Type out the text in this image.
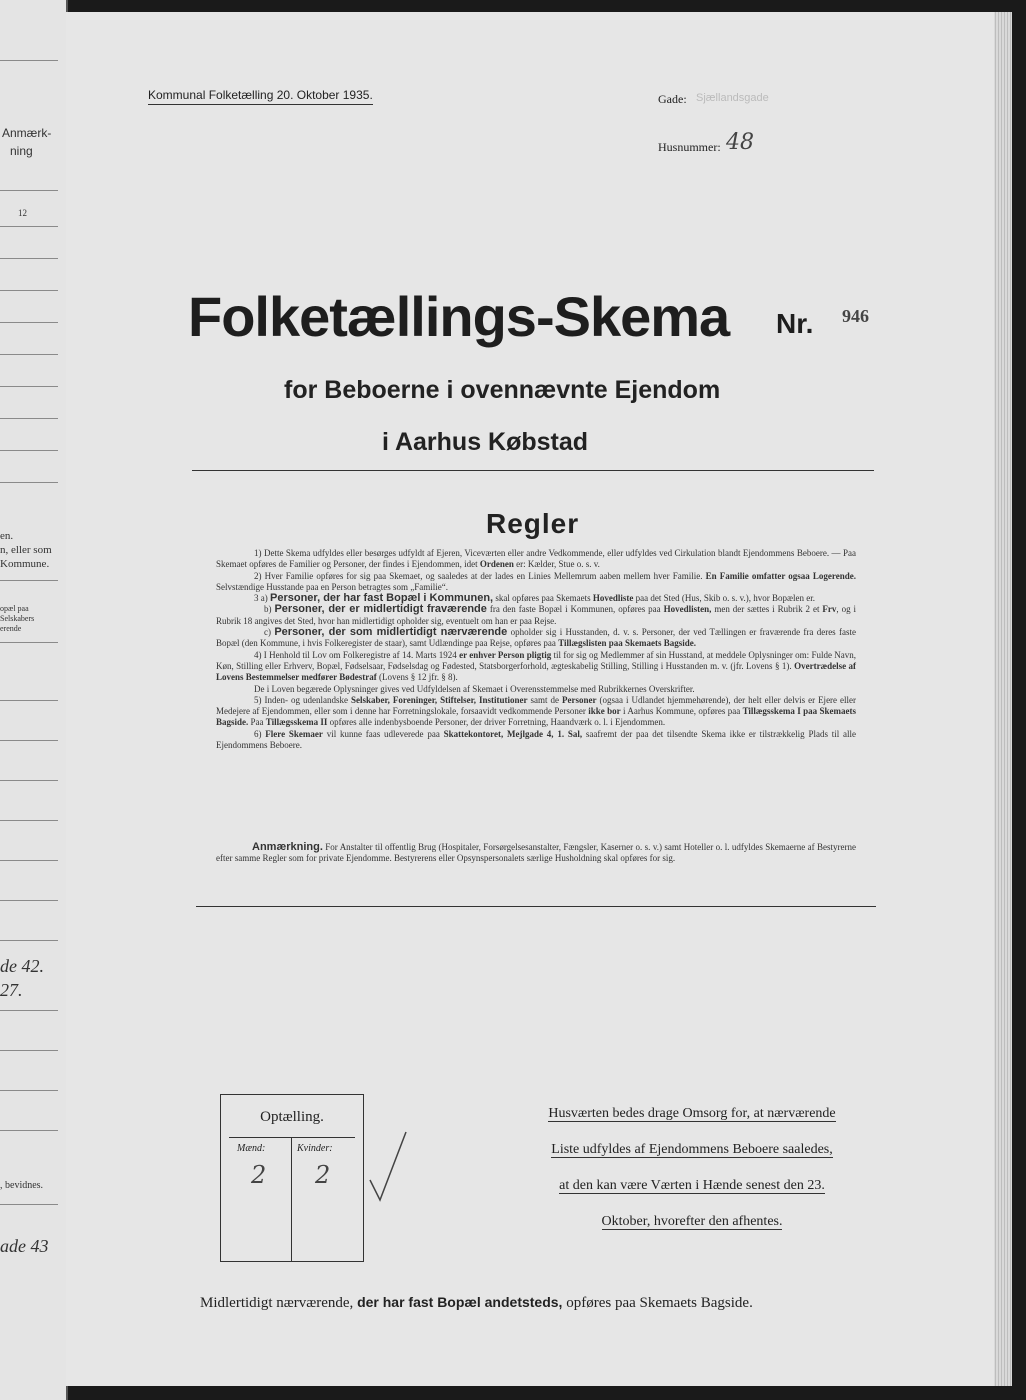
Anmærk-
ning
12
en.
n, eller som
Kommune.
opæl paa
Selskabers
erende
de 42.
27.
, bevidnes.
ade 43
Kommunal Folketælling 20. Oktober 1935.	Gade: Sjællandsgade
Husnummer: 48
Folketællings-Skema Nr. 946
for Beboerne i ovennævnte Ejendom
i Aarhus Købstad
Regler
1) Dette Skema udfyldes eller besørges udfyldt af Ejeren, Viceværten eller andre Vedkommende, eller udfyldes ved Cirkulation blandt Ejendommens Beboere. — Paa Skemaet opføres de Familier og Personer, der findes i Ejendommen, idet Ordenen er: Kælder, Stue o. s. v.
2) Hver Familie opføres for sig paa Skemaet, og saaledes at der lades en Linies Mellemrum aaben mellem hver Familie. En Familie omfatter ogsaa Logerende. Selvstændige Husstande paa en Person betragtes som „Familie“.
3 a) Personer, der har fast Bopæl i Kommunen, skal opføres paa Skemaets Hovedliste paa det Sted (Hus, Skib o. s. v.), hvor Bopælen er.
b) Personer, der er midlertidigt fraværende fra den faste Bopæl i Kommunen, opføres paa Hovedlisten, men der sættes i Rubrik 2 et Frv, og i Rubrik 18 angives det Sted, hvor han midlertidigt opholder sig, eventuelt om han er paa Rejse.
c) Personer, der som midlertidigt nærværende opholder sig i Husstanden, d. v. s. Personer, der ved Tællingen er fraværende fra deres faste Bopæl (den Kommune, i hvis Folkeregister de staar), samt Udlændinge paa Rejse, opføres paa Tillægslisten paa Skemaets Bagside.
4) I Henhold til Lov om Folkeregistre af 14. Marts 1924 er enhver Person pligtig til for sig og Medlemmer af sin Husstand, at meddele Oplysninger om: Fulde Navn, Køn, Stilling eller Erhverv, Bopæl, Fødselsaar, Fødselsdag og Fødested, Statsborgerforhold, ægteskabelig Stilling, Stilling i Husstanden m. v. (jfr. Lovens § 1). Overtrædelse af Lovens Bestemmelser medfører Bødestraf (Lovens § 12 jfr. § 8).
De i Loven begærede Oplysninger gives ved Udfyldelsen af Skemaet i Overensstemmelse med Rubrikkernes Overskrifter.
5) Inden- og udenlandske Selskaber, Foreninger, Stiftelser, Institutioner samt de Personer (ogsaa i Udlandet hjemmehørende), der helt eller delvis er Ejere eller Medejere af Ejendommen, eller som i denne har Forretningslokale, forsaavidt vedkommende Personer ikke bor i Aarhus Kommune, opføres paa Tillægsskema I paa Skemaets Bagside. Paa Tillægsskema II opføres alle indenbysboende Personer, der driver Forretning, Haandværk o. l. i Ejendommen.
6) Flere Skemaer vil kunne faas udleverede paa Skattekontoret, Mejlgade 4, 1. Sal, saafremt der paa det tilsendte Skema ikke er tilstrækkelig Plads til alle Ejendommens Beboere.
Anmærkning. For Anstalter til offentlig Brug (Hospitaler, Forsørgelsesanstalter, Fængsler, Kaserner o. s. v.) samt Hoteller o. l. udfyldes Skemaerne af Bestyrerne efter samme Regler som for private Ejendomme. Bestyrerens eller Opsynspersonalets særlige Husholdning skal opføres for sig.
Optælling.
Mænd:	Kvinder:
2 2
Husværten bedes drage Omsorg for, at nærværende
Liste udfyldes af Ejendommens Beboere saaledes,
at den kan være Værten i Hænde senest den 23.
Oktober, hvorefter den afhentes.
Midlertidigt nærværende, der har fast Bopæl andetsteds, opføres paa Skemaets Bagside.
